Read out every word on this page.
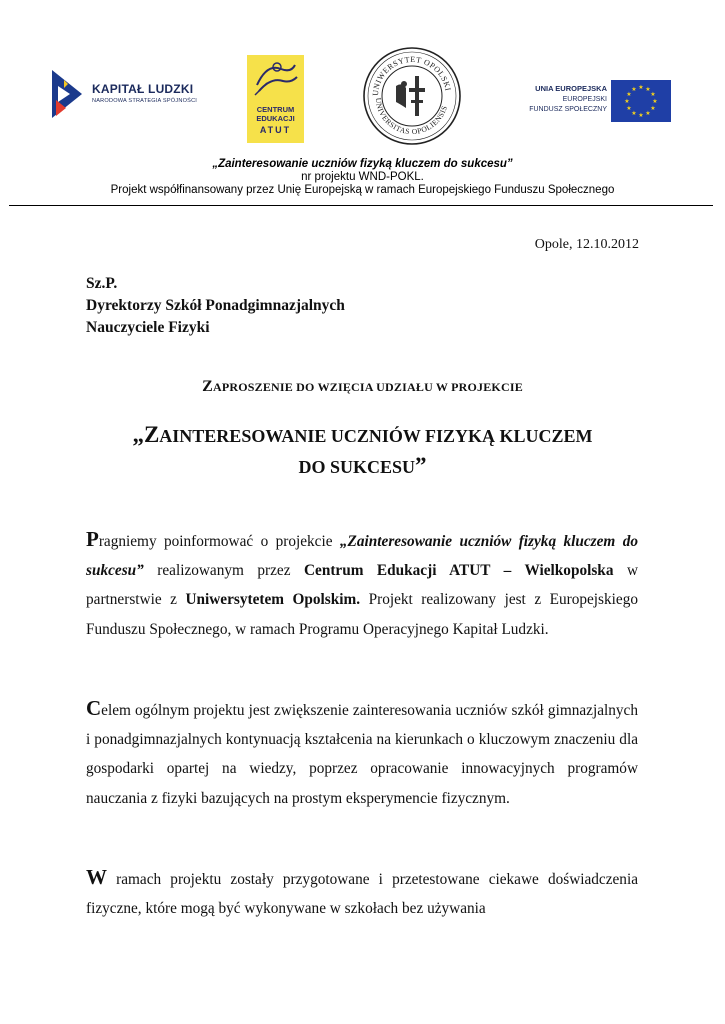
KAPITAŁ LUDZKI
NARODOWA STRATEGIA SPÓJNOŚCI
CENTRUM
EDUKACJI
ATUT
UNIWERSYTET OPOLSKI
UNIVERSITAS OPOLIENSIS
UNIA EUROPEJSKA
EUROPEJSKI
FUNDUSZ SPOŁECZNY
★ ★
★
★
★
★
★
★
★
★
★
★
„Zainteresowanie uczniów fizyką kluczem do sukcesu”
nr projektu WND-POKL.
Projekt współfinansowany przez Unię Europejską w ramach Europejskiego Funduszu Społecznego
Opole, 12.10.2012
Sz.P.
Dyrektorzy Szkół Ponadgimnazjalnych
Nauczyciele Fizyki
ZAPROSZENIE DO WZIĘCIA UDZIAŁU W PROJEKCIE
„ZAINTERESOWANIE UCZNIÓW FIZYKĄ KLUCZEM
DO SUKCESU”
Pragniemy poinformować o projekcie „Zainteresowanie uczniów fizyką kluczem do sukcesu” realizowanym przez Centrum Edukacji ATUT – Wielkopolska w partnerstwie z Uniwersytetem Opolskim. Projekt realizowany jest z Europejskiego Funduszu Społecznego, w ramach Programu Operacyjnego Kapitał Ludzki.
Celem ogólnym projektu jest zwiększenie zainteresowania uczniów szkół gimnazjalnych i ponadgimnazjalnych kontynuacją kształcenia na kierunkach o kluczowym znaczeniu dla gospodarki opartej na wiedzy, poprzez opracowanie innowacyjnych programów nauczania z fizyki bazujących na prostym eksperymencie fizycznym.
W ramach projektu zostały przygotowane i przetestowane ciekawe doświadczenia fizyczne, które mogą być wykonywane w szkołach bez używania
